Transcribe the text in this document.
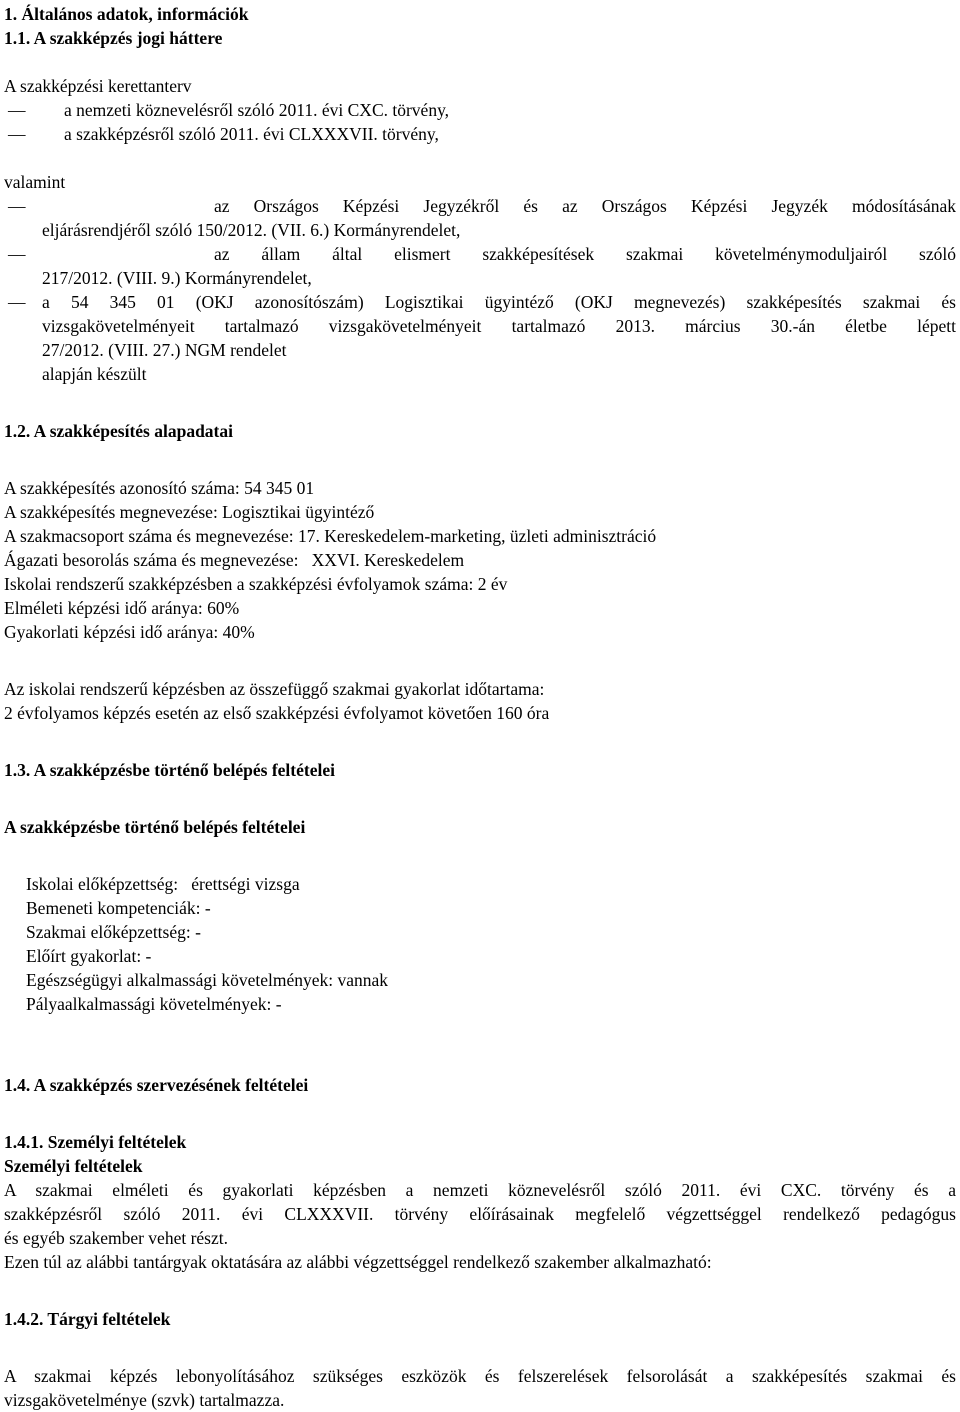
1. Általános adatok, információk
1.1. A szakképzés jogi háttere
A szakképzési kerettanterv
—	a nemzeti köznevelésről szóló 2011. évi CXC. törvény,
—	a szakképzésről szóló 2011. évi CLXXXVII. törvény,
valamint
—	az Országos Képzési Jegyzékről és az Országos Képzési Jegyzék módosításának
eljárásrendjéről szóló 150/2012. (VII. 6.) Kormányrendelet,
—	az állam által elismert szakképesítések szakmai követelménymoduljairól szóló
217/2012. (VIII. 9.) Kormányrendelet,
— a 54 345 01 (OKJ azonosítószám) Logisztikai ügyintéző (OKJ megnevezés) szakképesítés szakmai és
vizsgakövetelményeit tartalmazó vizsgakövetelményeit tartalmazó 2013. március 30.-án életbe lépett
27/2012. (VIII. 27.) NGM rendelet
alapján készült
1.2. A szakképesítés alapadatai
A szakképesítés azonosító száma: 54 345 01
A szakképesítés megnevezése: Logisztikai ügyintéző
A szakmacsoport száma és megnevezése: 17. Kereskedelem-marketing, üzleti adminisztráció
Ágazati besorolás száma és megnevezése:   XXVI. Kereskedelem
Iskolai rendszerű szakképzésben a szakképzési évfolyamok száma: 2 év
Elméleti képzési idő aránya: 60%
Gyakorlati képzési idő aránya: 40%
Az iskolai rendszerű képzésben az összefüggő szakmai gyakorlat időtartama:
2 évfolyamos képzés esetén az első szakképzési évfolyamot követően 160 óra
1.3. A szakképzésbe történő belépés feltételei
A szakképzésbe történő belépés feltételei
Iskolai előképzettség:   érettségi vizsga
Bemeneti kompetenciák: -
Szakmai előképzettség: -
Előírt gyakorlat: -
Egészségügyi alkalmassági követelmények: vannak
Pályaalkalmassági követelmények: -
1.4. A szakképzés szervezésének feltételei
1.4.1. Személyi feltételek
Személyi feltételek
A szakmai elméleti és gyakorlati képzésben a nemzeti köznevelésről szóló 2011. évi CXC. törvény és a
szakképzésről szóló 2011. évi CLXXXVII. törvény előírásainak megfelelő végzettséggel rendelkező pedagógus
és egyéb szakember vehet részt.
Ezen túl az alábbi tantárgyak oktatására az alábbi végzettséggel rendelkező szakember alkalmazható:
1.4.2. Tárgyi feltételek
A szakmai képzés lebonyolításához szükséges eszközök és felszerelések felsorolását a szakképesítés szakmai és
vizsgakövetelménye (szvk) tartalmazza.
